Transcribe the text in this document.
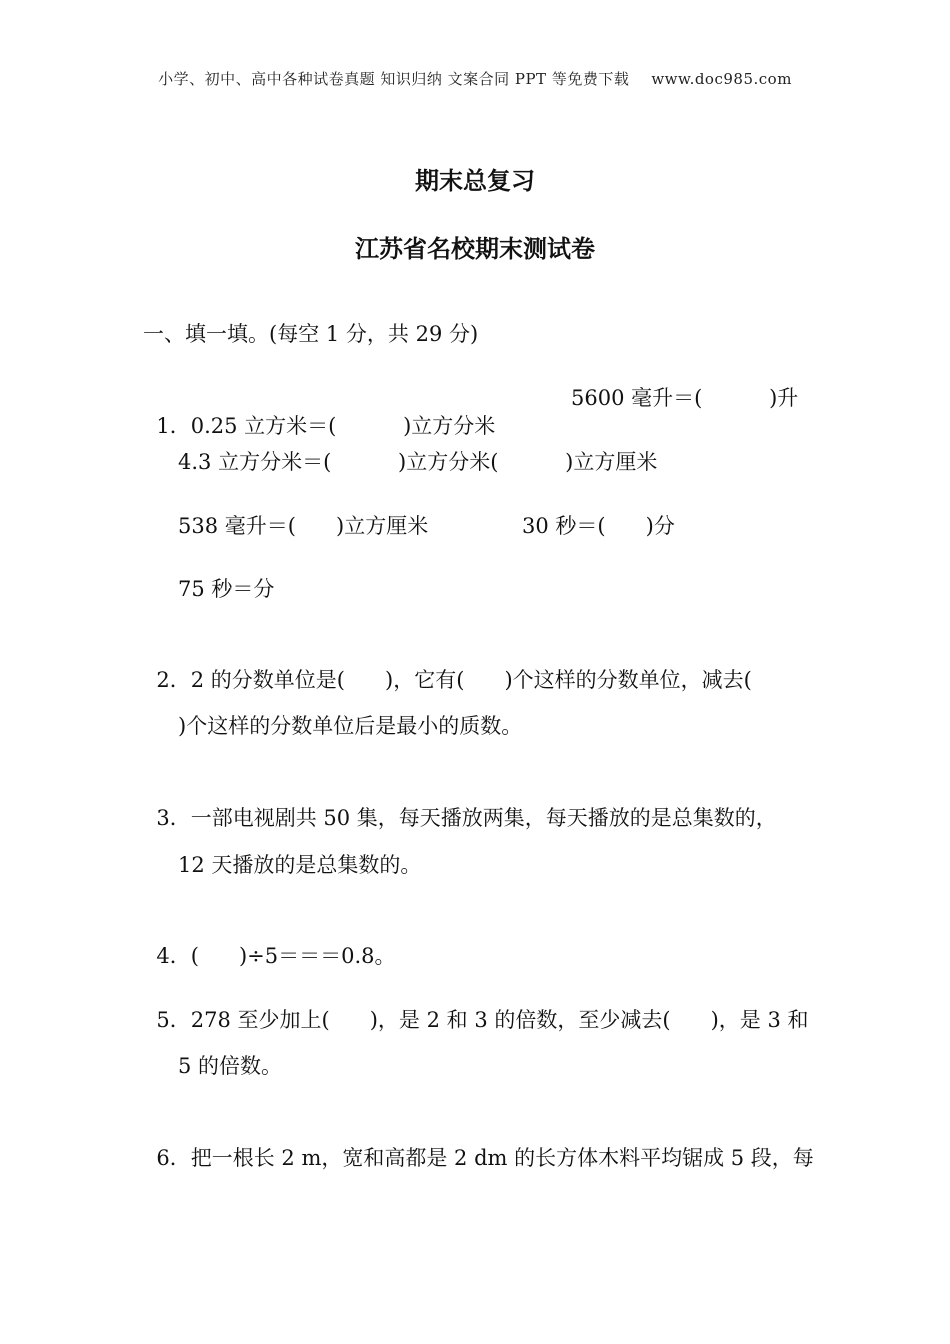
小学、初中、高中各种试卷真题 知识归纳 文案合同 PPT 等免费下载 www.doc985.com
期末总复习
江苏省名校期末测试卷
一、填一填。(每空 1 分，共 29 分)

1．0.25 立方米＝(          )立方分米

5600 毫升＝(          )升
4.3 立方分米＝(          )立方分米(          )立方厘米
538 毫升＝(      )立方厘米	30 秒＝(      )分
75 秒＝分

2．2 的分数单位是(      )，它有(      )个这样的分数单位，减去(

)个这样的分数单位后是最小的质数。

3．一部电视剧共 50 集，每天播放两集，每天播放的是总集数的，

12 天播放的是总集数的。

4．(      )÷5＝＝＝0.8。

5．278 至少加上(      )，是 2 和 3 的倍数，至少减去(      )，是 3 和

5 的倍数。

6．把一根长 2 m，宽和高都是 2 dm 的长方体木料平均锯成 5 段，每
